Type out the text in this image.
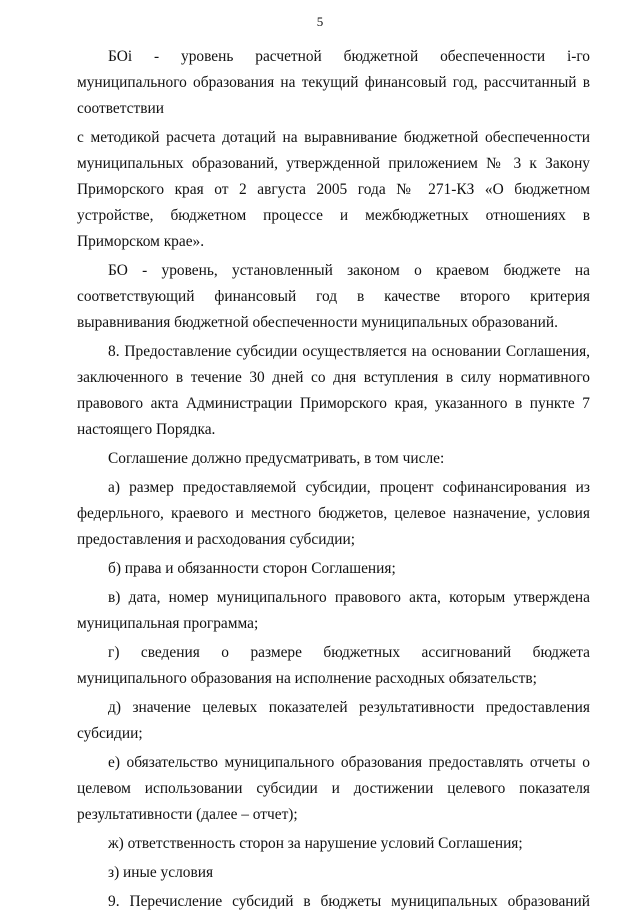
5

БОi - уровень расчетной бюджетной обеспеченности i-го муниципального образования на текущий финансовый год, рассчитанный в соответствии

с методикой расчета дотаций на выравнивание бюджетной обеспеченности муниципальных образований, утвержденной приложением № 3 к Закону Приморского края от 2 августа 2005 года № 271-КЗ «О бюджетном устройстве, бюджетном процессе и межбюджетных отношениях в Приморском крае».

БО - уровень, установленный законом о краевом бюджете на соответствующий финансовый год в качестве второго критерия выравнивания бюджетной обеспеченности муниципальных образований.

8. Предоставление субсидии осуществляется на основании Соглашения, заключенного в течение 30 дней со дня вступления в силу нормативного правового акта Администрации Приморского края, указанного в пункте 7 настоящего Порядка.

Соглашение должно предусматривать, в том числе:

а) размер предоставляемой субсидии, процент софинансирования из федерльного, краевого и местного бюджетов, целевое назначение, условия предоставления и расходования субсидии;

б) права и обязанности сторон Соглашения;

в) дата, номер муниципального правового акта, которым утверждена муниципальная программа;

г) сведения о размере бюджетных ассигнований бюджета муниципального образования на исполнение расходных обязательств;

д) значение целевых показателей результативности предоставления субсидии;

е) обязательство муниципального образования предоставлять отчеты о целевом использовании субсидии и достижении целевого показателя результативности (далее – отчет);

ж) ответственность сторон за нарушение условий Соглашения;

з) иные условия

9. Перечисление субсидий в бюджеты муниципальных образований
